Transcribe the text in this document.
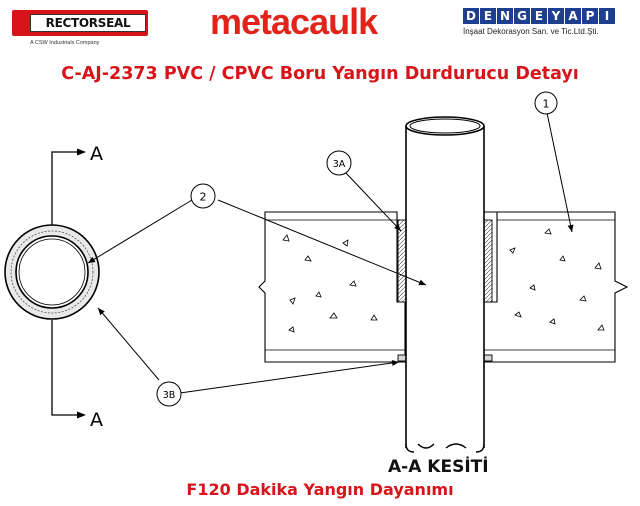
RECTORSEAL
A CSW Industrials Company
metacaulk	D E N G E Y A P I
İnşaat Dekorasyon San. ve Tic.Ltd.Şti.
C-AJ-2373 PVC / CPVC Boru Yangın Durdurucu Detayı
A
A
1
2
3A
3B
A-A KESİTİ
F120 Dakika Yangın Dayanımı
